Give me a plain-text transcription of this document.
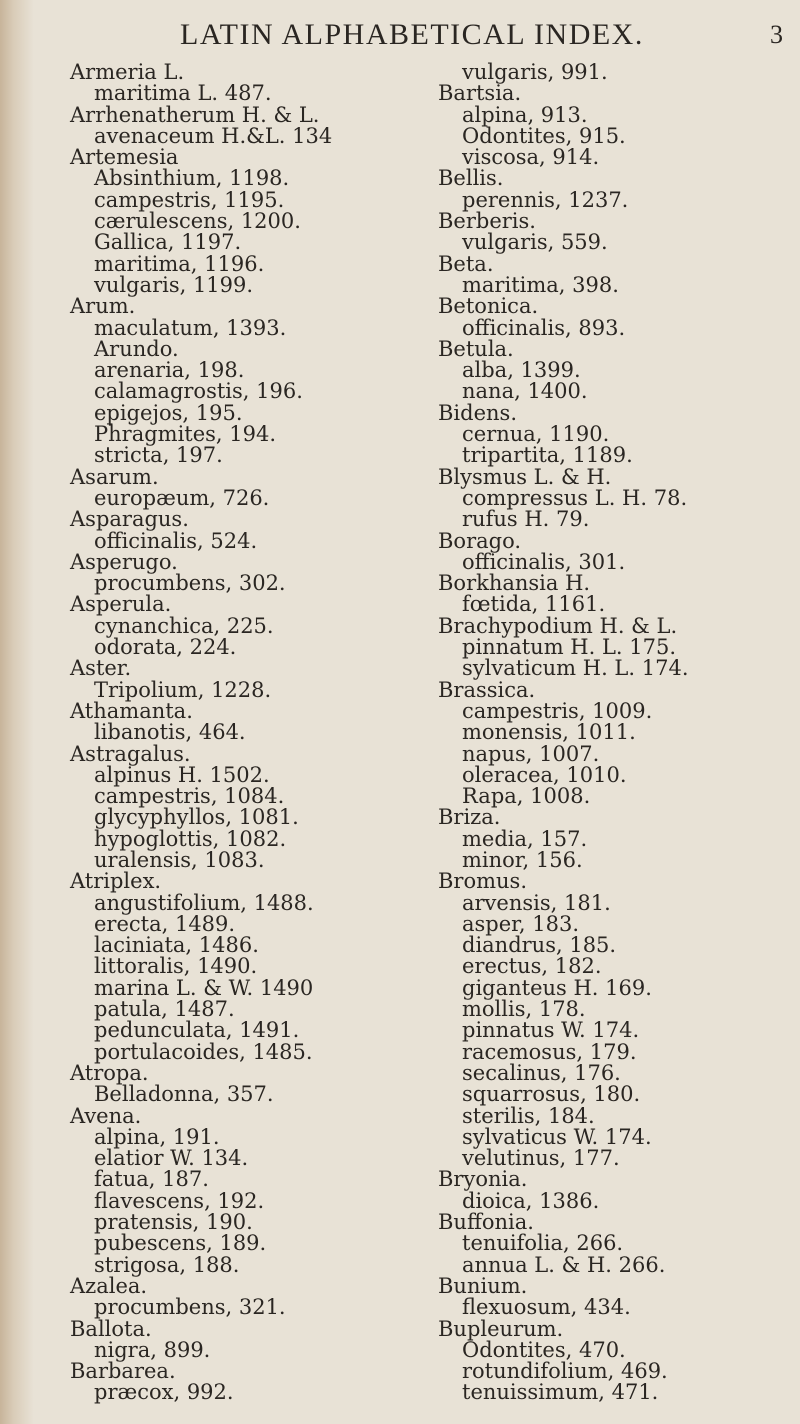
LATIN ALPHABETICAL INDEX.	3
Armeria L.
maritima L. 487.
Arrhenatherum H. & L.
avenaceum H.&L. 134
Artemesia
Absinthium, 1198.
campestris, 1195.
cærulescens, 1200.
Gallica, 1197.
maritima, 1196.
vulgaris, 1199.
Arum.
maculatum, 1393.
Arundo.
arenaria, 198.
calamagrostis, 196.
epigejos, 195.
Phragmites, 194.
stricta, 197.
Asarum.
europæum, 726.
Asparagus.
officinalis, 524.
Asperugo.
procumbens, 302.
Asperula.
cynanchica, 225.
odorata, 224.
Aster.
Tripolium, 1228.
Athamanta.
libanotis, 464.
Astragalus.
alpinus H. 1502.
campestris, 1084.
glycyphyllos, 1081.
hypoglottis, 1082.
uralensis, 1083.
Atriplex.
angustifolium, 1488.
erecta, 1489.
laciniata, 1486.
littoralis, 1490.
marina L. & W. 1490
patula, 1487.
pedunculata, 1491.
portulacoides, 1485.
Atropa.
Belladonna, 357.
Avena.
alpina, 191.
elatior W. 134.
fatua, 187.
flavescens, 192.
pratensis, 190.
pubescens, 189.
strigosa, 188.
Azalea.
procumbens, 321.
Ballota.
nigra, 899.
Barbarea.
præcox, 992.
vulgaris, 991.
Bartsia.
alpina, 913.
Odontites, 915.
viscosa, 914.
Bellis.
perennis, 1237.
Berberis.
vulgaris, 559.
Beta.
maritima, 398.
Betonica.
officinalis, 893.
Betula.
alba, 1399.
nana, 1400.
Bidens.
cernua, 1190.
tripartita, 1189.
Blysmus L. & H.
compressus L. H. 78.
rufus H. 79.
Borago.
officinalis, 301.
Borkhansia H.
fœtida, 1161.
Brachypodium H. & L.
pinnatum H. L. 175.
sylvaticum H. L. 174.
Brassica.
campestris, 1009.
monensis, 1011.
napus, 1007.
oleracea, 1010.
Rapa, 1008.
Briza.
media, 157.
minor, 156.
Bromus.
arvensis, 181.
asper, 183.
diandrus, 185.
erectus, 182.
giganteus H. 169.
mollis, 178.
pinnatus W. 174.
racemosus, 179.
secalinus, 176.
squarrosus, 180.
sterilis, 184.
sylvaticus W. 174.
velutinus, 177.
Bryonia.
dioica, 1386.
Buffonia.
tenuifolia, 266.
annua L. & H. 266.
Bunium.
flexuosum, 434.
Bupleurum.
Odontites, 470.
rotundifolium, 469.
tenuissimum, 471.
